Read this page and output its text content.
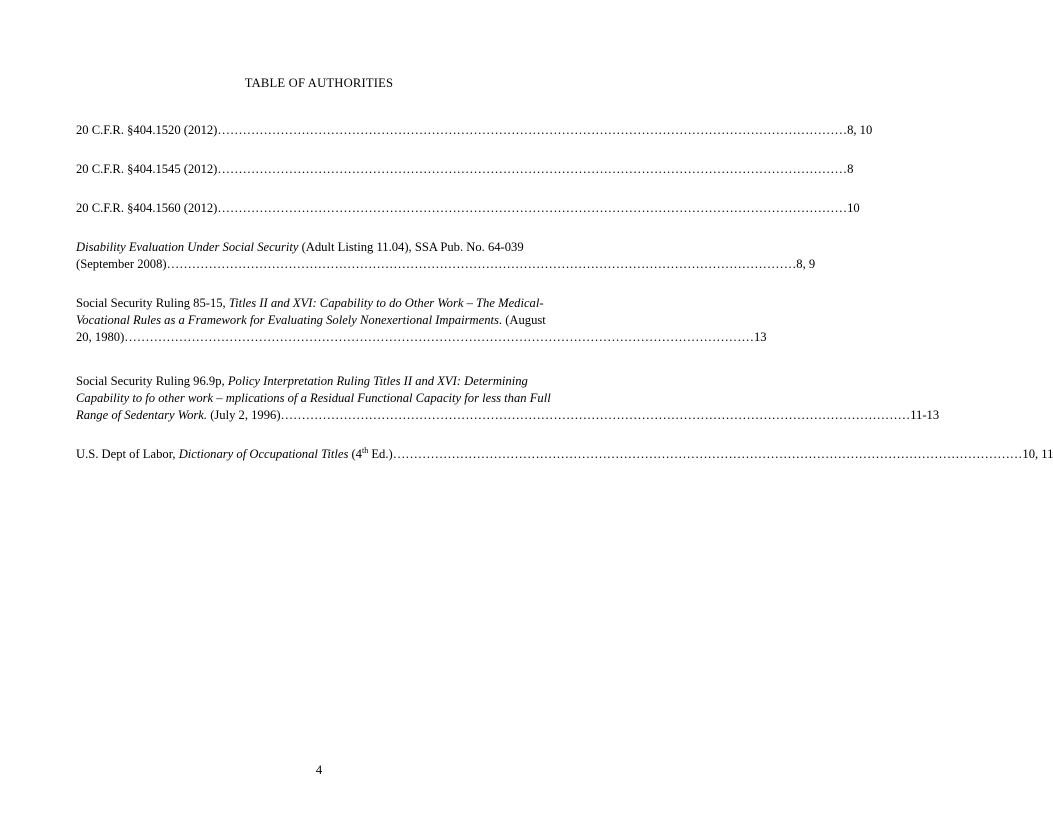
TABLE OF AUTHORITIES
20 C.F.R. §404.1520 (2012) …………………………………………………………………………………………………………………………………… 8, 10
20 C.F.R. §404.1545 (2012) …………………………………………………………………………………………………………………………………… 8
20 C.F.R. §404.1560 (2012) …………………………………………………………………………………………………………………………………… 10
Disability Evaluation Under Social Security (Adult Listing 11.04), SSA Pub. No. 64-039
(September 2008) …………………………………………………………………………………………………………………………………… 8, 9
Social Security Ruling 85-15, Titles II and XVI: Capability to do Other Work – The Medical-
Vocational Rules as a Framework for Evaluating Solely Nonexertional Impairments. (August
20, 1980) …………………………………………………………………………………………………………………………………… 13
Social Security Ruling 96.9p, Policy Interpretation Ruling Titles II and XVI: Determining
Capability to fo other work – mplications of a Residual Functional Capacity for less than Full
Range of Sedentary Work. (July 2, 1996) …………………………………………………………………………………………………………………………………… 11-13
U.S. Dept of Labor, Dictionary of Occupational Titles (4th Ed.) …………………………………………………………………………………………………………………………………… 10, 11
4
